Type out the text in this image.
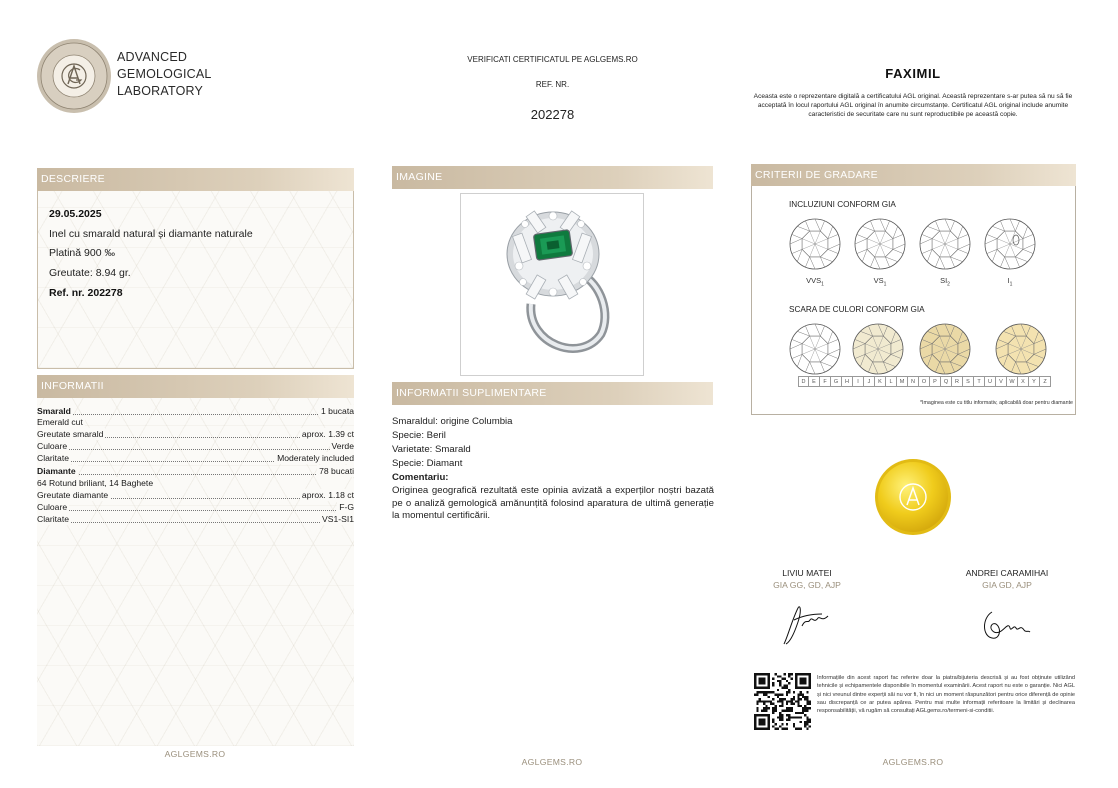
ADVANCED
GEMOLOGICAL
LABORATORY
VERIFICATI CERTIFICATUL PE AGLGEMS.RO
REF. NR.
202278
FAXIMIL
Aceasta este o reprezentare digitală a certificatului AGL original. Această reprezentare s-ar putea să nu să fie acceptată în locul raportului AGL original în anumite circumstanțe. Certificatul AGL original include anumite caracteristici de securitate care nu sunt reproductibile pe această copie.
DESCRIERE
29.05.2025
Inel cu smarald natural și diamante naturale
Platină 900 ‰
Greutate: 8.94 gr.
Ref. nr. 202278
INFORMATII
Smarald	1 bucata
Emerald cut
Greutate smarald	aprox. 1.39 ct
Culoare	Verde
Claritate	Moderately included
Diamante	78 bucati
64 Rotund briliant, 14 Baghete
Greutate diamante	aprox. 1.18 ct
Culoare	F-G
Claritate	VS1-SI1
IMAGINE
INFORMATII SUPLIMENTARE
Smaraldul: origine Columbia
Specie: Beril
Varietate: Smarald
Specie: Diamant
Comentariu:
Originea geografică rezultată este opinia avizată a experților noștri bazată pe o analiză gemologică amănunțită folosind aparatura de ultimă generație la momentul certificării.
CRITERII DE GRADARE
INCLUZIUNI CONFORM GIA
$VVS_1$	$VS_1$	$SI_2$	$I_1$
SCARA DE CULORI CONFORM GIA
D	E	F	G	H	I	J	K	L	M	N	O	P	Q	R	S	T	U	V	W	X	Y	Z
*Imaginea este cu titlu informativ, aplicabilă doar pentru diamante
LIVIU MATEI
GIA GG, GD, AJP
ANDREI CARAMIHAI
GIA GD, AJP
Informațiile din acest raport fac referire doar la piatra/bijuteria descrisă și au fost obținute utilizând tehnicile și echipamentele disponibile în momentul examinării. Acest raport nu este o garanție. Nici AGL și nici vreunul dintre experții săi nu vor fi, în nici un moment răspunzători pentru orice diferență de opinie sau discrepanță ce ar putea apărea. Pentru mai multe informații referitoare la limitări și declinarea responsabilității, vă rugăm să consultați AGLgems.ro/termeni-si-conditii.
AGLGEMS.RO
AGLGEMS.RO	AGLGEMS.RO
